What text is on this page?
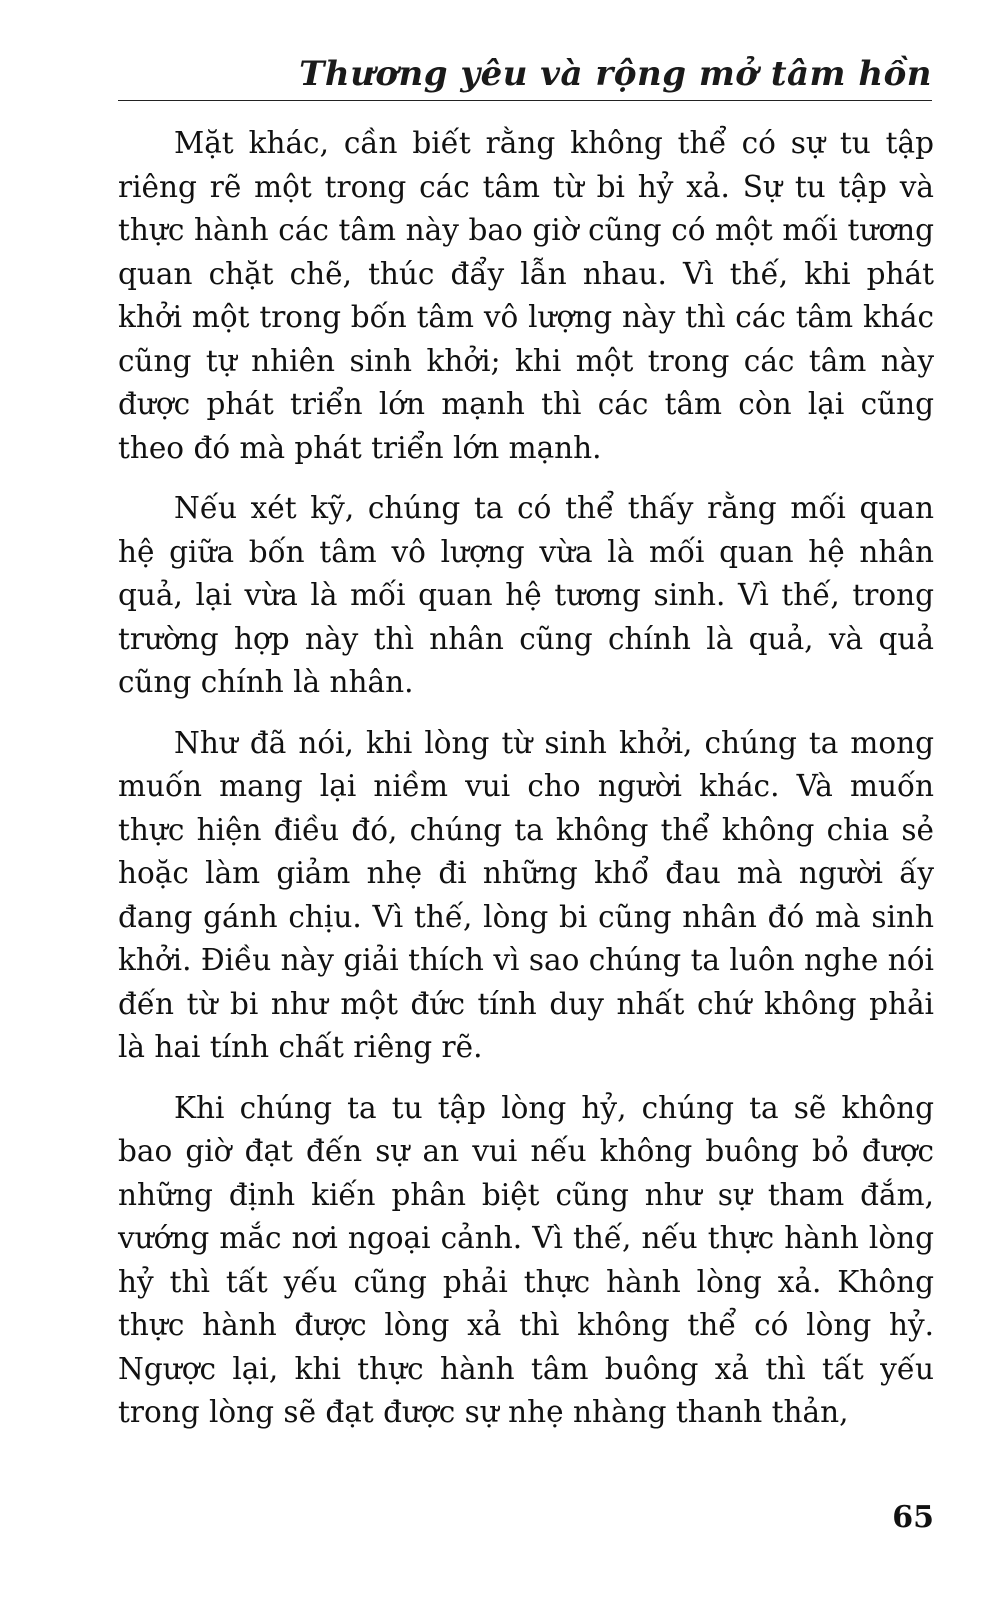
Thương yêu và rộng mở tâm hồn

Mặt khác, cần biết rằng không thể có sự tu tập riêng rẽ một trong các tâm từ bi hỷ xả. Sự tu tập và thực hành các tâm này bao giờ cũng có một mối tương quan chặt chẽ, thúc đẩy lẫn nhau. Vì thế, khi phát khởi một trong bốn tâm vô lượng này thì các tâm khác cũng tự nhiên sinh khởi; khi một trong các tâm này được phát triển lớn mạnh thì các tâm còn lại cũng theo đó mà phát triển lớn mạnh.

Nếu xét kỹ, chúng ta có thể thấy rằng mối quan hệ giữa bốn tâm vô lượng vừa là mối quan hệ nhân quả, lại vừa là mối quan hệ tương sinh. Vì thế, trong trường hợp này thì nhân cũng chính là quả, và quả cũng chính là nhân.

Như đã nói, khi lòng từ sinh khởi, chúng ta mong muốn mang lại niềm vui cho người khác. Và muốn thực hiện điều đó, chúng ta không thể không chia sẻ hoặc làm giảm nhẹ đi những khổ đau mà người ấy đang gánh chịu. Vì thế, lòng bi cũng nhân đó mà sinh khởi. Điều này giải thích vì sao chúng ta luôn nghe nói đến từ bi như một đức tính duy nhất chứ không phải là hai tính chất riêng rẽ.

Khi chúng ta tu tập lòng hỷ, chúng ta sẽ không bao giờ đạt đến sự an vui nếu không buông bỏ được những định kiến phân biệt cũng như sự tham đắm, vướng mắc nơi ngoại cảnh. Vì thế, nếu thực hành lòng hỷ thì tất yếu cũng phải thực hành lòng xả. Không thực hành được lòng xả thì không thể có lòng hỷ. Ngược lại, khi thực hành tâm buông xả thì tất yếu trong lòng sẽ đạt được sự nhẹ nhàng thanh thản,

65
